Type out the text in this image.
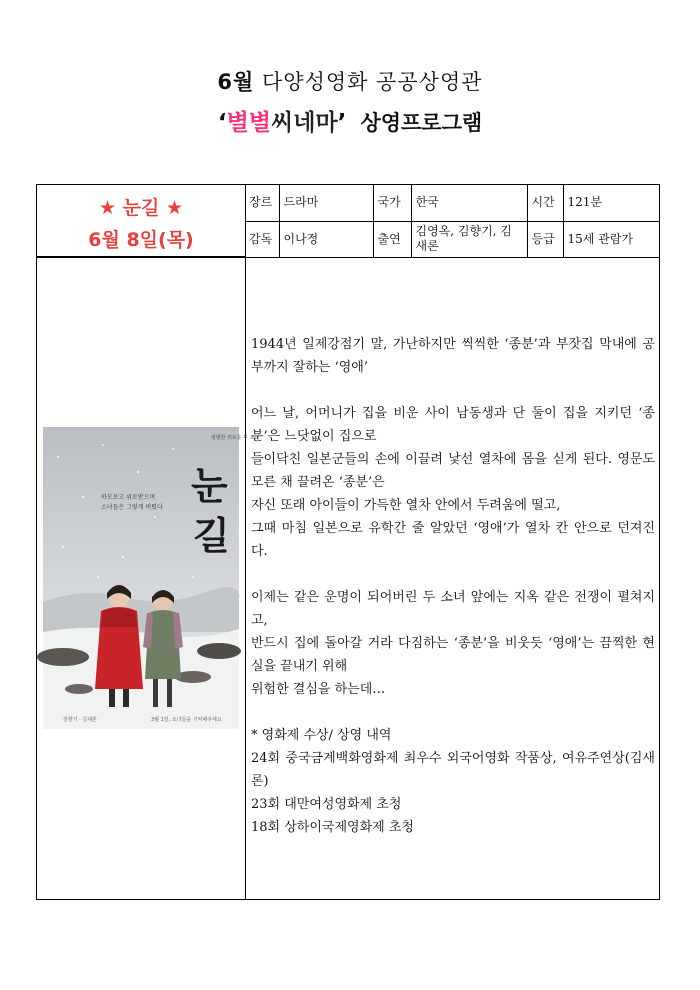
6월 다양성영화 공공상영관
‘별별씨네마’ 상영프로그램
★ 눈길 ★
6월 8일(목)
장르	드라마	국가	한국	시간	121분
감독	이나정	출연	김영옥, 김향기, 김새론	등급	15세 관람가
눈
길
평범한 외로운 두 소녀
하모보고 위로받으며
소녀들은 그렇게 버텼다
김향기 · 김새론	3월 1일, 소녀들을 기억해주세요

1944년 일제강점기 말, 가난하지만 씩씩한 ‘종분’과 부잣집 막내에 공부까지 잘하는 ‘영애’

어느 날, 어머니가 집을 비운 사이 남동생과 단 둘이 집을 지키던 ‘종분’은 느닷없이 집으로

들이닥친 일본군들의 손에 이끌려 낯선 열차에 몸을 싣게 된다. 영문도 모른 채 끌려온 ‘종분’은

자신 또래 아이들이 가득한 열차 안에서 두려움에 떨고,

그때 마침 일본으로 유학간 줄 알았던 ‘영애’가 열차 칸 안으로 던져진다.

이제는 같은 운명이 되어버린 두 소녀 앞에는 지옥 같은 전쟁이 펼쳐지고,

반드시 집에 돌아갈 거라 다짐하는 ‘종분’을 비웃듯 ‘영애’는 끔찍한 현실을 끝내기 위해

위험한 결심을 하는데…

* 영화제 수상/ 상영 내역

24회 중국금계백화영화제 최우수 외국어영화 작품상, 여유주연상(김새론)

23회 대만여성영화제 초청

18회 상하이국제영화제 초청
